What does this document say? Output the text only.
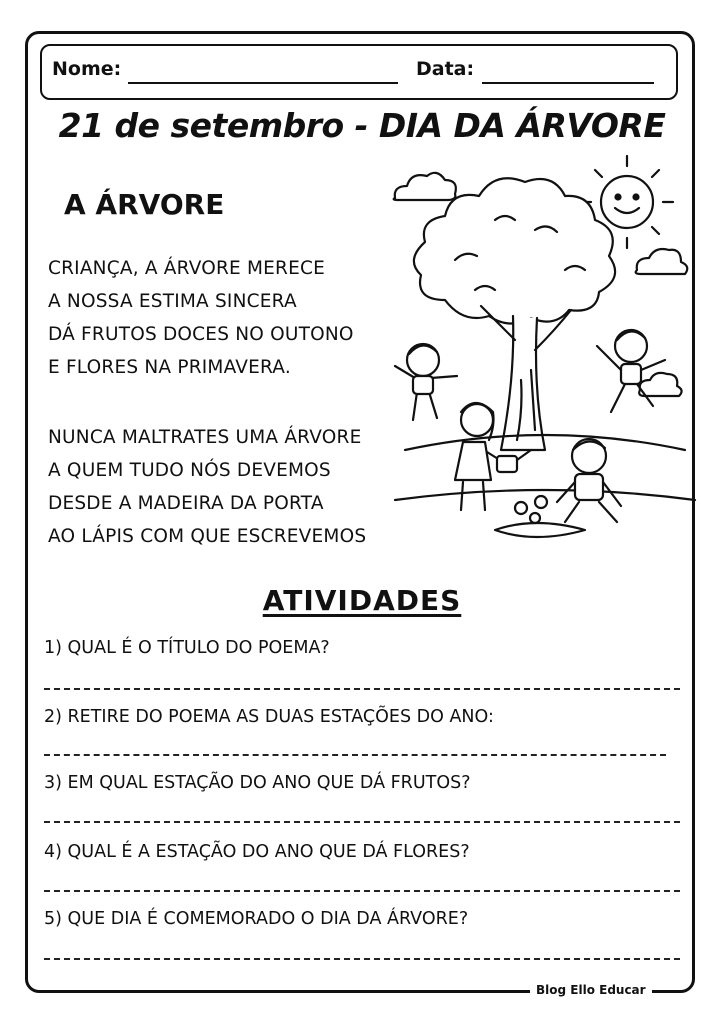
Nome:	Data:
21 de setembro - DIA DA ÁRVORE
A ÁRVORE
CRIANÇA, A ÁRVORE MERECE
A NOSSA ESTIMA SINCERA
DÁ FRUTOS DOCES NO OUTONO
E FLORES NA PRIMAVERA.
NUNCA MALTRATES UMA ÁRVORE
A QUEM TUDO NÓS DEVEMOS
DESDE A MADEIRA DA PORTA
AO LÁPIS COM QUE ESCREVEMOS
ATIVIDADES
1) QUAL É O TÍTULO DO POEMA?
2) RETIRE DO POEMA AS DUAS ESTAÇÕES DO ANO:
3) EM QUAL ESTAÇÃO DO ANO QUE DÁ FRUTOS?
4) QUAL É A ESTAÇÃO DO ANO QUE DÁ FLORES?
5) QUE DIA É COMEMORADO O DIA DA ÁRVORE?
Blog Ello Educar
